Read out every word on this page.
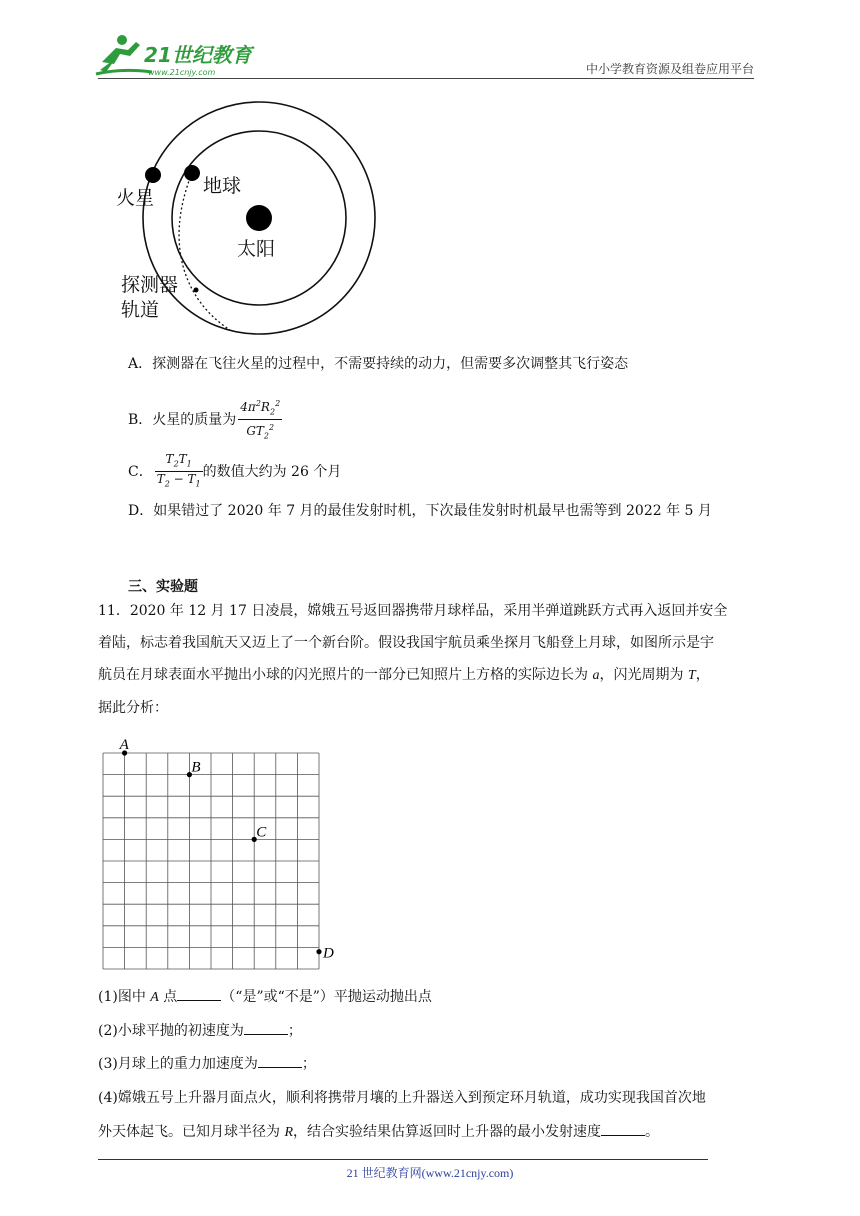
21世纪教育
www.21cnjy.com	中小学教育资源及组卷应用平台
火星
地球
太阳
探测器
轨道
A．探测器在飞往火星的过程中，不需要持续的动力，但需要多次调整其飞行姿态
B．火星的质量为 $\frac{4\pi^2R_2^2}{GT_2^2}$
C． $\frac{T_2T_1}{T_2 - T_1}$ 的数值大约为 26 个月
D．如果错过了 2020 年 7 月的最佳发射时机，下次最佳发射时机最早也需等到 2022 年 5 月
三、实验题
11．2020 年 12 月 17 日凌晨，嫦娥五号返回器携带月球样品，采用半弹道跳跃方式再入返回并安全
着陆，标志着我国航天又迈上了一个新台阶。假设我国宇航员乘坐探月飞船登上月球，如图所示是宇
航员在月球表面水平抛出小球的闪光照片的一部分已知照片上方格的实际边长为 a，闪光周期为 T，
据此分析：
A
B
C
D
(1)图中 A 点	（“是”或“不是”）平抛运动抛出点
(2)小球平抛的初速度为	；
(3)月球上的重力加速度为	；
(4)嫦娥五号上升器月面点火，顺利将携带月壤的上升器送入到预定环月轨道，成功实现我国首次地
外天体起飞。已知月球半径为 R，结合实验结果估算返回时上升器的最小发射速度	。
21 世纪教育网(www.21cnjy.com)
